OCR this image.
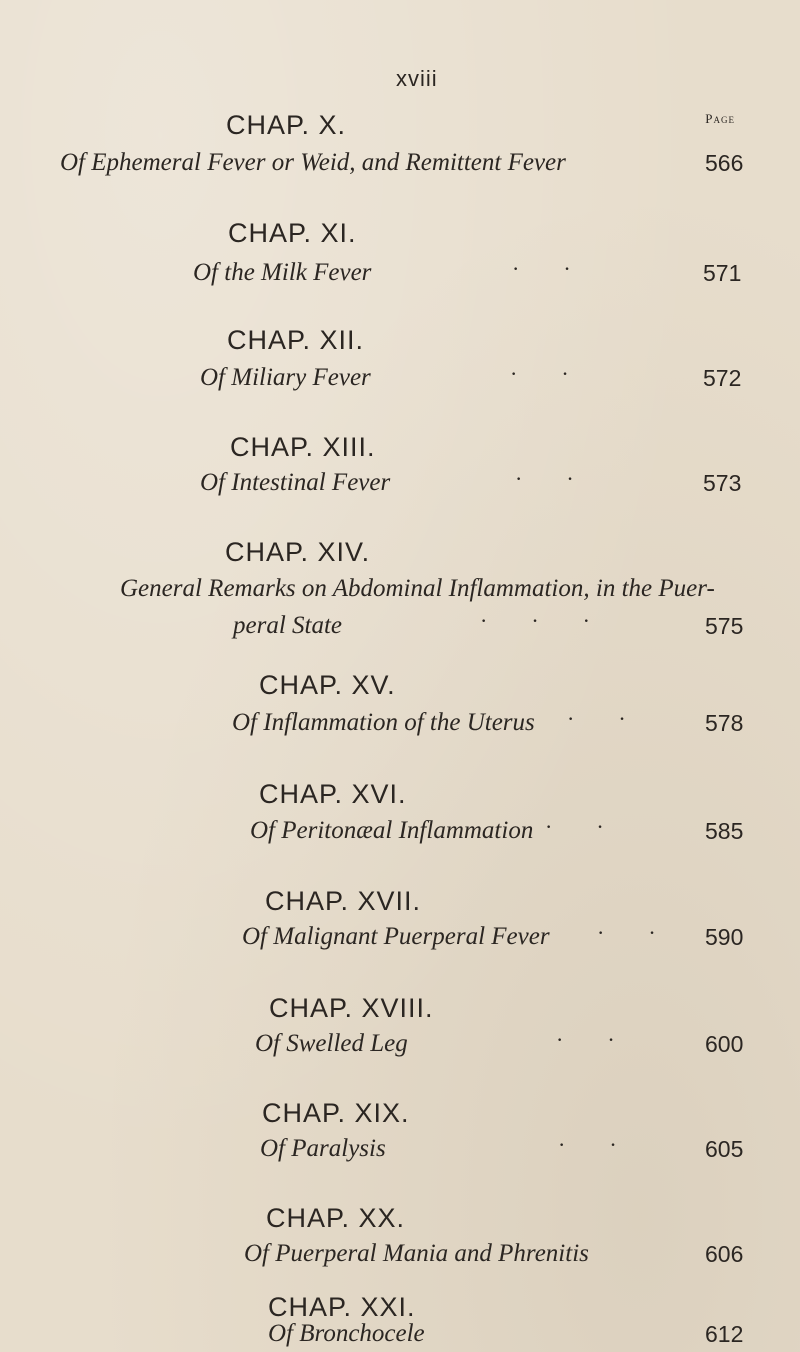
xviii
Page
CHAP. X.
Of Ephemeral Fever or Weid, and Remittent Fever	566
CHAP. XI.
Of the Milk Fever	··	571
CHAP. XII.
Of Miliary Fever	··	572
CHAP. XIII.
Of Intestinal Fever	··	573
CHAP. XIV.
General Remarks on Abdominal Inflammation, in the Puer-
peral State	···	575
CHAP. XV.
Of Inflammation of the Uterus ·· 578
CHAP. XVI.
Of Peritonæal Inflammation ·· 585
CHAP. XVII.
Of Malignant Puerperal Fever ·· 590
CHAP. XVIII.
Of Swelled Leg	·· 600
CHAP. XIX.
Of Paralysis	·· 605
CHAP. XX.
Of Puerperal Mania and Phrenitis	606
CHAP. XXI.
Of Bronchocele	612
